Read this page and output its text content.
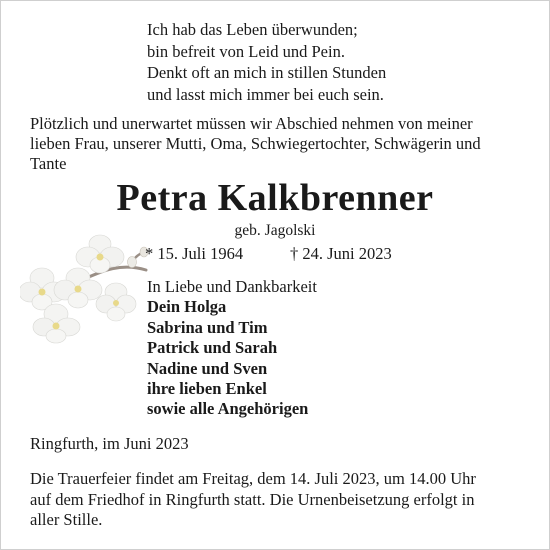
Ich hab das Leben überwunden;
bin befreit von Leid und Pein.
Denkt oft an mich in stillen Stunden
und lasst mich immer bei euch sein.
Plötzlich und unerwartet müssen wir Abschied nehmen von meiner
lieben Frau, unserer Mutti, Oma, Schwiegertochter, Schwägerin und
Tante
Petra Kalkbrenner
geb. Jagolski
* 15. Juli 1964	† 24. Juni 2023
In Liebe und Dankbarkeit
Dein Holga
Sabrina und Tim
Patrick und Sarah
Nadine und Sven
ihre lieben Enkel
sowie alle Angehörigen
Ringfurth, im Juni 2023
Die Trauerfeier findet am Freitag, dem 14. Juli 2023, um 14.00 Uhr
auf dem Friedhof in Ringfurth statt. Die Urnenbeisetzung erfolgt in
aller Stille.
